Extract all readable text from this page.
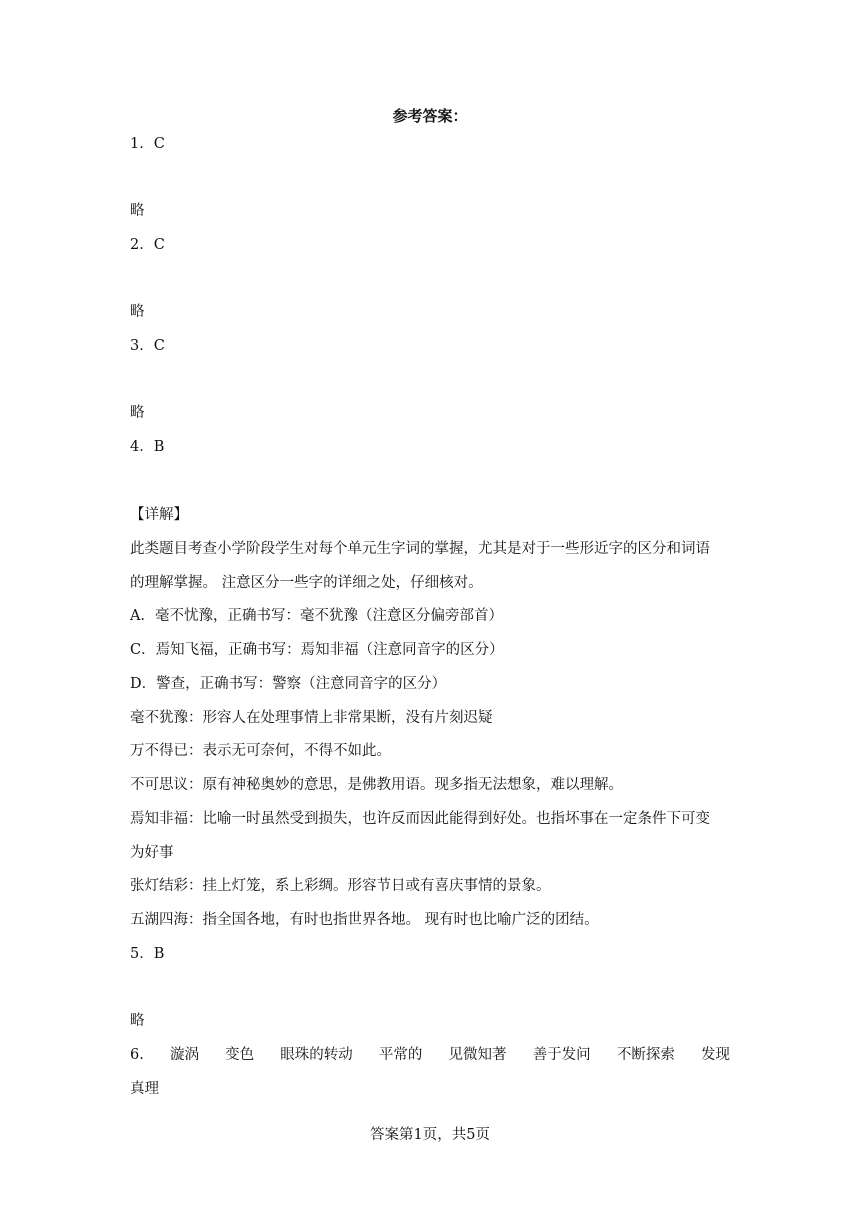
参考答案：
1．C
略
2．C
略
3．C
略
4．B
【详解】
此类题目考查小学阶段学生对每个单元生字词的掌握，尤其是对于一些形近字的区分和词语
的理解掌握。 注意区分一些字的详细之处，仔细核对。
A．毫不忧豫，正确书写：毫不犹豫（注意区分偏旁部首）
C．焉知飞福，正确书写：焉知非福（注意同音字的区分）
D．警查，正确书写：警察（注意同音字的区分）
毫不犹豫：形容人在处理事情上非常果断，没有片刻迟疑
万不得已：表示无可奈何，不得不如此。
不可思议：原有神秘奥妙的意思，是佛教用语。现多指无法想象，难以理解。
焉知非福：比喻一时虽然受到损失，也许反而因此能得到好处。也指坏事在一定条件下可变
为好事
张灯结彩：挂上灯笼，系上彩绸。形容节日或有喜庆事情的景象。
五湖四海：指全国各地，有时也指世界各地。 现有时也比喻广泛的团结。
5．B
略
6. 漩涡 变色 眼珠的转动 平常的 见微知著 善于发问 不断探索 发现
真理
答案第1页，共5页
